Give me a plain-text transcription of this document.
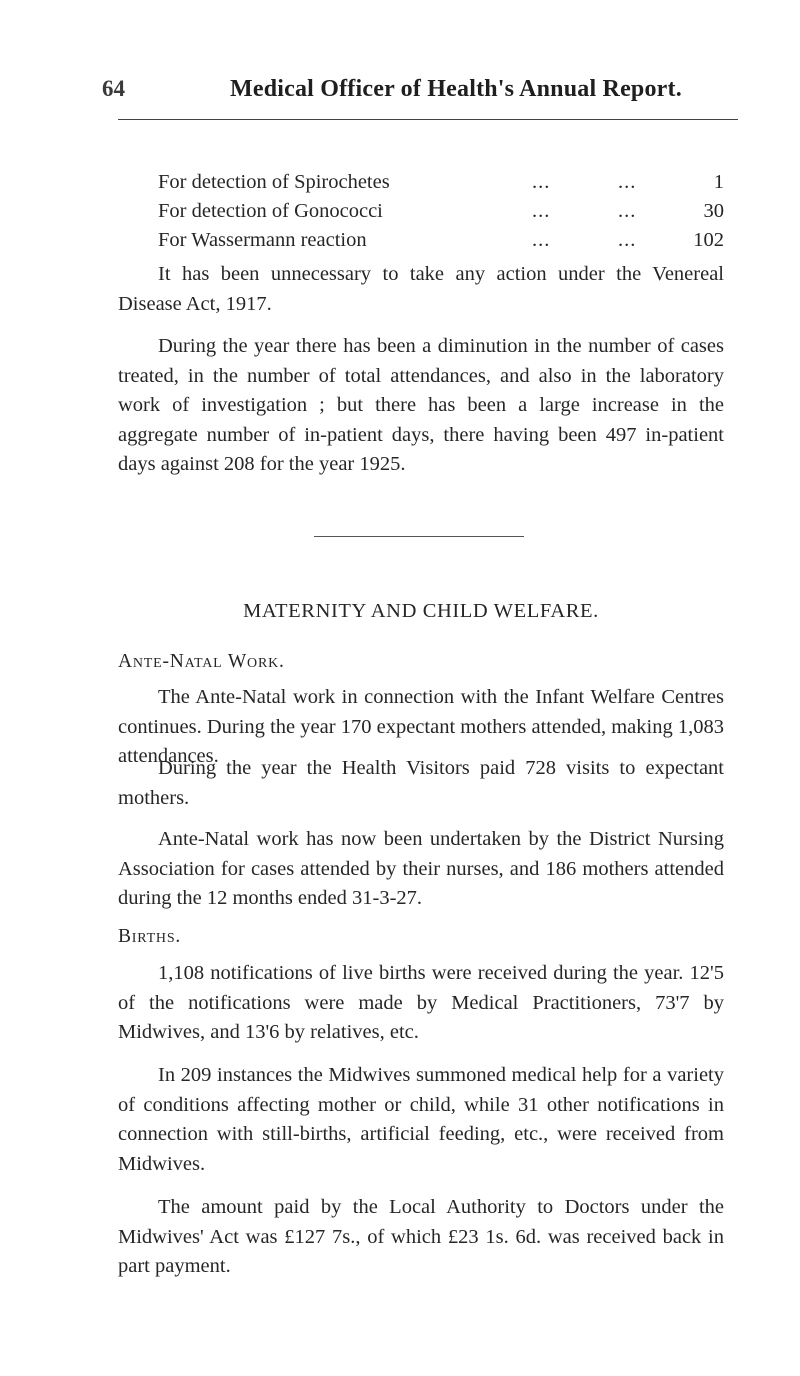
64	Medical Officer of Health's Annual Report.
For detection of Spirochetes	...	...	1
For detection of Gonococci	...	...	30
For Wassermann reaction	...	...	102

It has been unnecessary to take any action under the Venereal Disease Act, 1917.

During the year there has been a diminution in the number of cases treated, in the number of total attendances, and also in the laboratory work of investigation ; but there has been a large increase in the aggregate number of in-patient days, there having been 497 in-patient days against 208 for the year 1925.

MATERNITY AND CHILD WELFARE.
Ante-Natal Work.

The Ante-Natal work in connection with the Infant Welfare Centres continues. During the year 170 expectant mothers attended, making 1,083 attendances.

During the year the Health Visitors paid 728 visits to expectant mothers.

Ante-Natal work has now been undertaken by the District Nursing Association for cases attended by their nurses, and 186 mothers attended during the 12 months ended 31-3-27.

Births.

1,108 notifications of live births were received during the year. 12'5 of the notifications were made by Medical Practitioners, 73'7 by Midwives, and 13'6 by relatives, etc.

In 209 instances the Midwives summoned medical help for a variety of conditions affecting mother or child, while 31 other notifications in connection with still-births, artificial feeding, etc., were received from Midwives.

The amount paid by the Local Authority to Doctors under the Midwives' Act was £127 7s., of which £23 1s. 6d. was received back in part payment.
